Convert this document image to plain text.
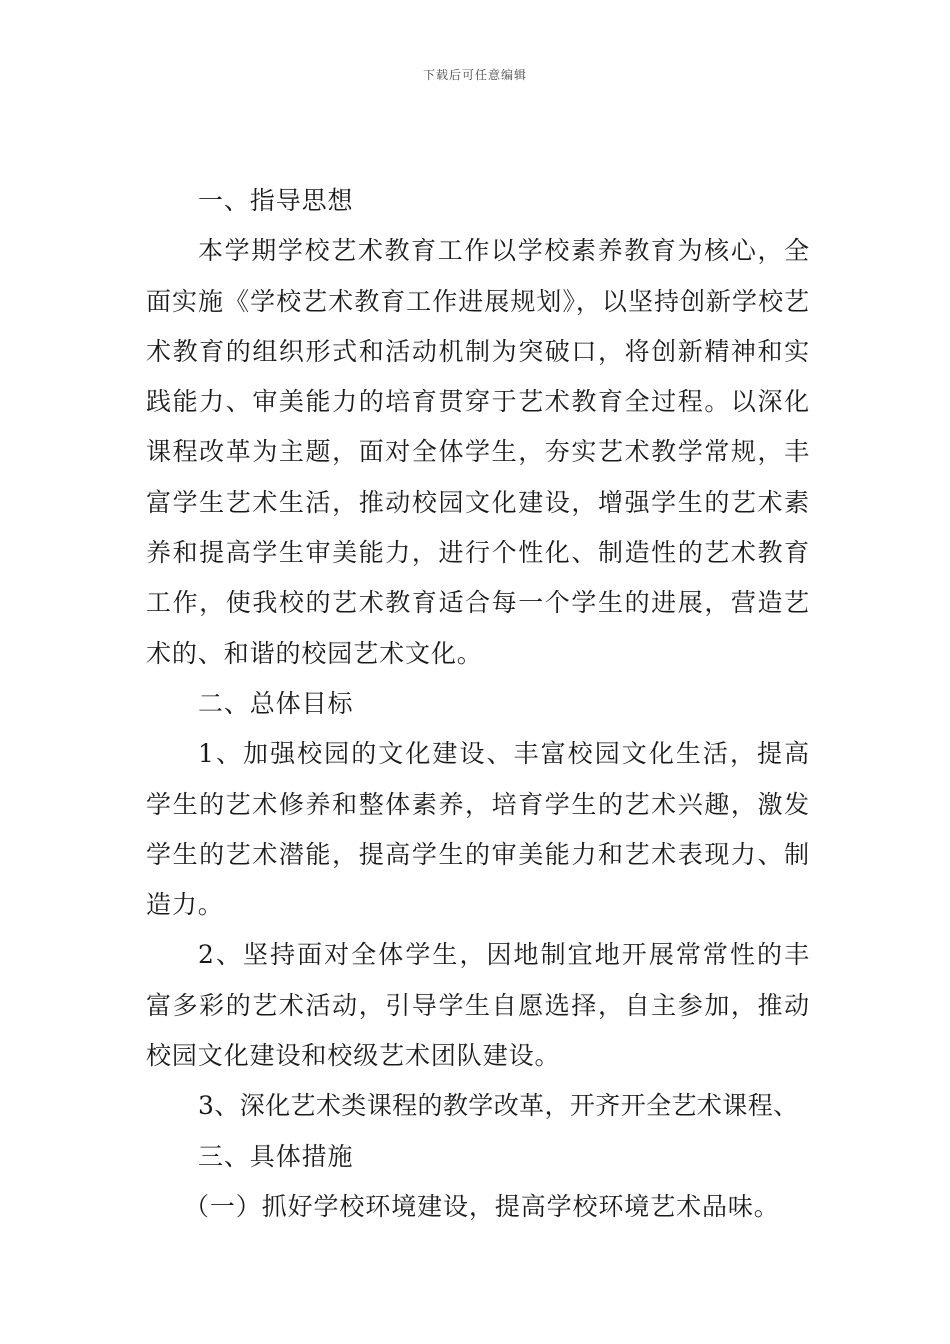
下载后可任意编辑

一、指导思想

本学期学校艺术教育工作以学校素养教育为核心，全面实施《学校艺术教育工作进展规划》，以坚持创新学校艺术教育的组织形式和活动机制为突破口，将创新精神和实践能力、审美能力的培育贯穿于艺术教育全过程。以深化课程改革为主题，面对全体学生，夯实艺术教学常规，丰富学生艺术生活，推动校园文化建设，增强学生的艺术素养和提高学生审美能力，进行个性化、制造性的艺术教育工作，使我校的艺术教育适合每一个学生的进展，营造艺术的、和谐的校园艺术文化。

二、总体目标

1、加强校园的文化建设、丰富校园文化生活，提高学生的艺术修养和整体素养，培育学生的艺术兴趣，激发学生的艺术潜能，提高学生的审美能力和艺术表现力、制造力。

2、坚持面对全体学生，因地制宜地开展常常性的丰富多彩的艺术活动，引导学生自愿选择，自主参加，推动校园文化建设和校级艺术团队建设。

3、深化艺术类课程的教学改革，开齐开全艺术课程、

三、具体措施

（一）抓好学校环境建设，提高学校环境艺术品味。
